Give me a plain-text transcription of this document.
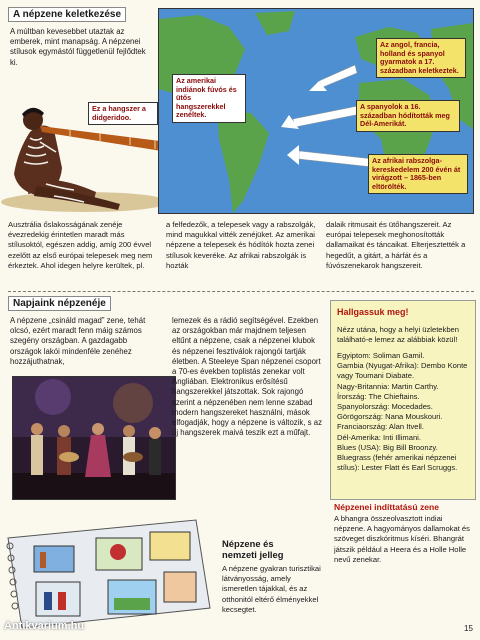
A népzene keletkezése
A múltban kevesebbet utaztak az emberek, mint manapság. A népzenei stílusok egymástól függetlenül fejlődtek ki.
Ez a hangszer a didgeridoo.
Az angol, francia, holland és spanyol gyarmatok a 17. században keletkeztek.
Az amerikai indiánok fúvós és ütős hangszerekkel zenéltek.
A spanyolok a 16. században hódították meg Dél-Amerikát.
Az afrikai rabszolga-kereskedelem 200 évén át virágzott – 1865-ben eltörölték.
Ausztrália őslakosságának zenéje évezredekig érintetlen maradt más stílusoktól, egészen addig, amíg 200 évvel ezelőtt az első európai telepesek meg nem érkeztek. Ahol idegen helyre kerültek, pl.
a felfedezők, a telepesek vagy a rabszolgák, mind magukkal vitték zenéjüket. Az amerikai népzene a telepesek és hódítók hozta zenei stílusok keveréke. Az afrikai rabszolgák is hozták
dalaik ritmusait és ütőhangszereit. Az európai telepesek meghonosították dallamaikat és táncaikat. Elterjesztették a hegedűt, a gitárt, a hárfát és a fúvószenekarok hangszereit.
Napjaink népzenéje
A népzene „csináld magad” zene, tehát olcsó, ezért maradt fenn máig számos szegény országban. A gazdagabb országok lakói mindenféle zenéhez hozzájuthatnak,
lemezek és a rádió segítségével. Ezekben az országokban már majdnem teljesen eltűnt a népzene, csak a népzenei klubok és népzenei fesztiválok rajongói tartják életben. A Steeleye Span népzenei csoport a 70-es években toplistás zenekar volt Angliában. Elektronikus erősítésű hangszerekkel játszottak. Sok rajongó szerint a népzenében nem lenne szabad modern hangszereket használni, mások elfogadják, hogy a népzene is változik, s az új hangszerek maivá teszik ezt a műfajt.
Hallgassuk meg!
Nézz utána, hogy a helyi üzletekben található-e lemez az alábbiak közül!
Egyiptom: Soliman Gamil.
Gambia (Nyugat-Afrika): Dembo Konte vagy Toumani Diabate.
Nagy-Britannia: Martin Carthy.
Írország: The Chieftains.
Spanyolország: Mocedades.
Görögország: Nana Mouskouri.
Franciaország: Alan Itvell.
Dél-Amerika: Inti Illimani.
Blues (USA): Big Bill Broonzy.
Bluegrass (fehér amerikai népzenei stílus): Lester Flatt és Earl Scruggs.
Népzenei indíttatású zene
A bhangra összeolvasztott indiai népzene. A hagyományos dallamokat és szöveget diszkóritmus kíséri. Bhangrát játszik például a Heera és a Holle Holle nevű zenekar.
Népzene és
nemzeti jelleg
A népzene gyakran turisztikai látványosság, amely ismeretlen tájakkal, és az otthonitól eltérő élményekkel kecsegtet.
Antikvarium.hu	15
